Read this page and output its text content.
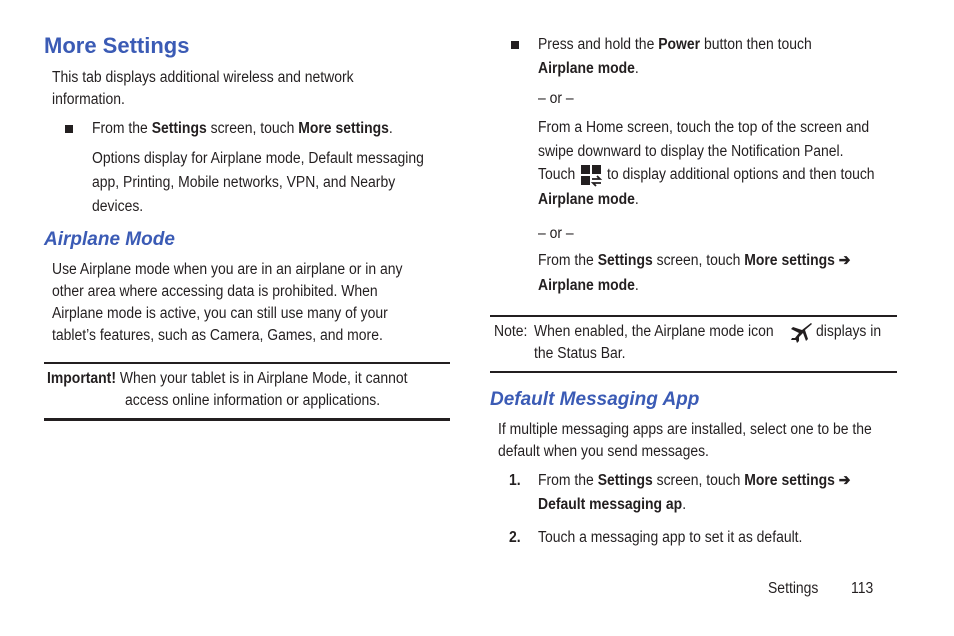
More Settings
This tab displays additional wireless and network
information.
From the Settings screen, touch More settings.
Options display for Airplane mode, Default messaging
app, Printing, Mobile networks, VPN, and Nearby
devices.
Airplane Mode
Use Airplane mode when you are in an airplane or in any
other area where accessing data is prohibited. When
Airplane mode is active, you can still use many of your
tablet’s features, such as Camera, Games, and more.
Important! When your tablet is in Airplane Mode, it cannot
access online information or applications.
Press and hold the Power button then touch
Airplane mode.
– or –
From a Home screen, touch the top of the screen and
swipe downward to display the Notification Panel.
Touch to display additional options and then touch
Airplane mode.
– or –
From the Settings screen, touch More settings ➔
Airplane mode.
Note: When enabled, the Airplane mode icon	displays in
the Status Bar.
Default Messaging App
If multiple messaging apps are installed, select one to be the
default when you send messages.
1. From the Settings screen, touch More settings ➔
Default messaging ap.
2. Touch a messaging app to set it as default.
Settings 113
